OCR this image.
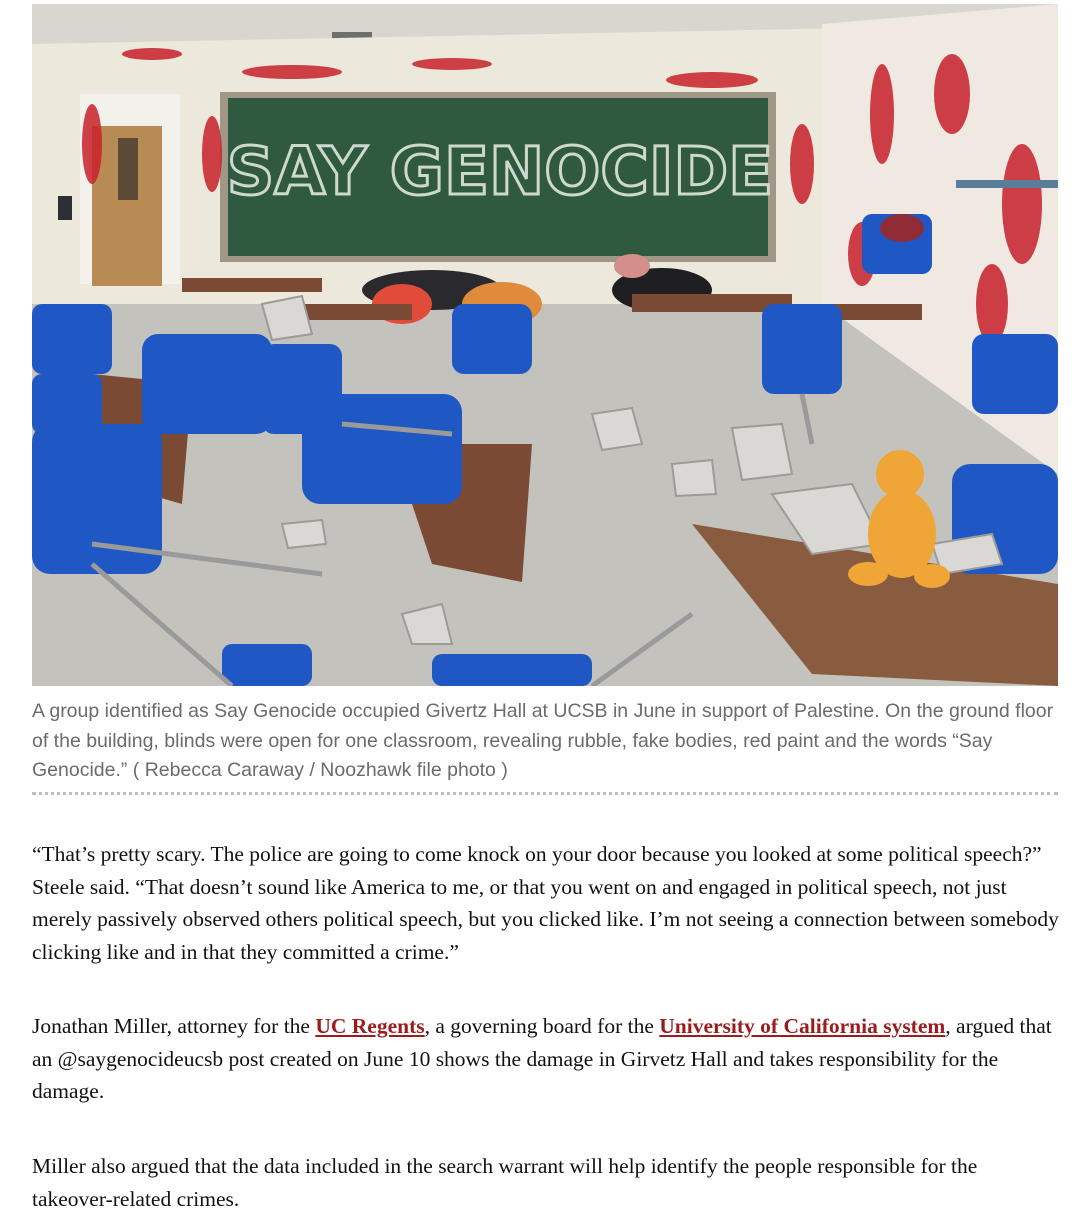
SAY GENOCIDE

A group identified as Say Genocide occupied Givertz Hall at UCSB in June in support of Palestine. On the ground floor of the building, blinds were open for one classroom, revealing rubble, fake bodies, red paint and the words “Say Genocide.” ( Rebecca Caraway / Noozhawk file photo )

“That’s pretty scary. The police are going to come knock on your door because you looked at some political speech?” Steele said. “That doesn’t sound like America to me, or that you went on and engaged in political speech, not just merely passively observed others political speech, but you clicked like. I’m not seeing a connection between somebody clicking like and in that they committed a crime.”

Jonathan Miller, attorney for the UC Regents, a governing board for the University of California system, argued that an @saygenocideucsb post created on June 10 shows the damage in Girvetz Hall and takes responsibility for the damage.

Miller also argued that the data included in the search warrant will help identify the people responsible for the takeover-related crimes.
